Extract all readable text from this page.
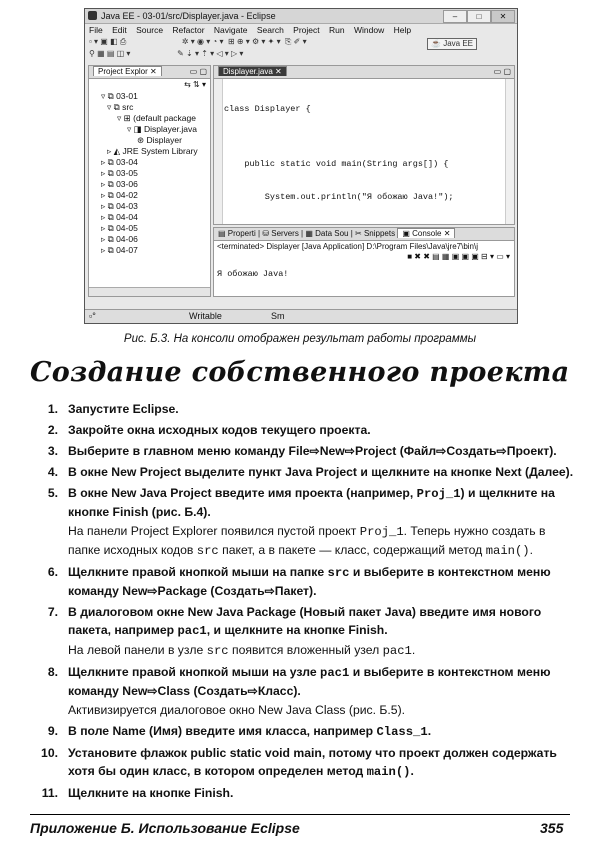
Java EE - 03-01/src/Displayer.java - Eclipse	–	□	✕
File Edit Source Refactor Navigate Search Project Run Window Help
▫ ▾ ▣ ◧ ⎙                         ✲ ▾ ◉ ▾ ◔ ▾  ⊞ ⊕ ▾ ⚙ ▾ ✦ ▾  ⎘ ✐ ▾	☕ Java EE
⚲ ▦ ▤ ◫ ▾                     ✎ ⇣ ▾ ⇡ ▾ ◁ ▾ ▷ ▾
Project Explor ✕	▭ ▢
⇆ ⇅ ▾
▿ ⧉ 03-01
▿ ⧉ src
▿ ⊞ (default package
▿ ◨ Displayer.java
⊛ Displayer
▹ ◭ JRE System Library
▹ ⧉ 03-04
▹ ⧉ 03-05
▹ ⧉ 03-06
▹ ⧉ 04-02
▹ ⧉ 04-03
▹ ⧉ 04-04
▹ ⧉ 04-05
▹ ⧉ 04-06
▹ ⧉ 04-07
Displayer.java ✕	▭ ▢

class Displayer {

public static void main(String args[]) {

System.out.println("Я обожаю Java!");

▤ Properti | ⛁ Servers | ▦ Data Sou | ✂ Snippets ▣ Console ✕
<terminated> Displayer [Java Application] D:\Program Files\Java\jre7\bin\j
■ ✖ ✖ ▤ ▦ ▣ ▣ ▣ ⊟ ▾ ▭ ▾
Я обожаю Java!
▫°	Writable	Sm
Рис. Б.3. На консоли отображен результат работы программы
Создание собственного проекта
1. Запустите Eclipse.
2. Закройте окна исходных кодов текущего проекта.
3. Выберите в главном меню команду File⇨New⇨Project (Файл⇨Создать⇨Проект).
4. В окне New Project выделите пункт Java Project и щелкните на кнопке Next (Далее).
5. В окне New Java Project введите имя проекта (например, Proj_1) и щелкните на кнопке Finish (рис. Б.4).
На панели Project Explorer появился пустой проект Proj_1. Теперь нужно создать в папке исходных кодов src пакет, а в пакете — класс, содержащий метод main().
6. Щелкните правой кнопкой мыши на папке src и выберите в контекстном меню команду New⇨Package (Создать⇨Пакет).
7. В диалоговом окне New Java Package (Новый пакет Java) введите имя нового пакета, например pac1, и щелкните на кнопке Finish.
На левой панели в узле src появится вложенный узел pac1.
8. Щелкните правой кнопкой мыши на узле pac1 и выберите в контекстном меню команду New⇨Class (Создать⇨Класс).
Активизируется диалоговое окно New Java Class (рис. Б.5).
9. В поле Name (Имя) введите имя класса, например Class_1.
10. Установите флажок public static void main, потому что проект должен содержать хотя бы один класс, в котором определен метод main().
11. Щелкните на кнопке Finish.
Приложение Б. Использование Eclipse	355
